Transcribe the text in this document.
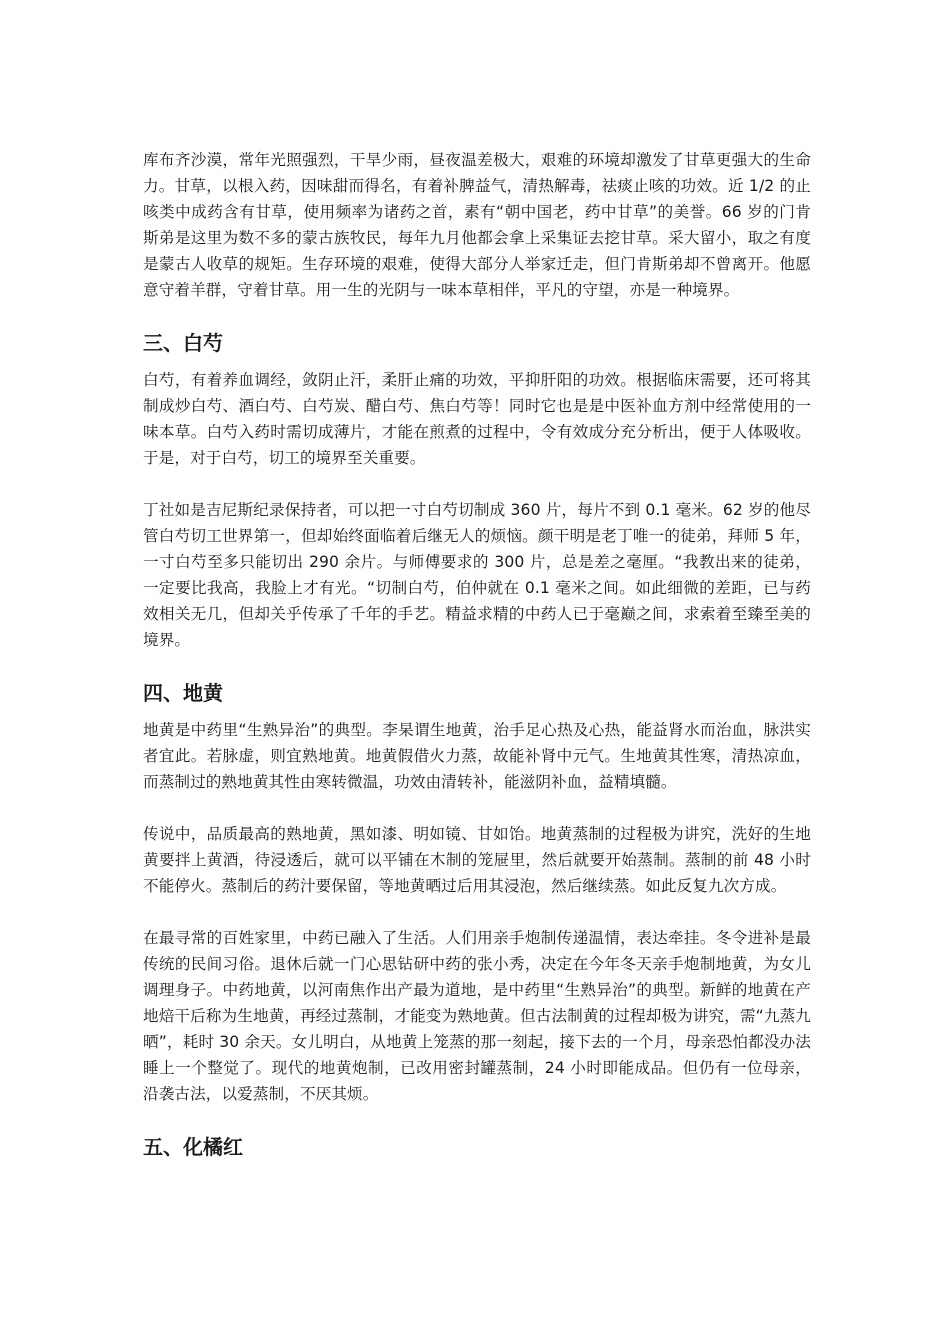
库布齐沙漠，常年光照强烈，干旱少雨，昼夜温差极大，艰难的环境却激发了甘草更强大的生命力。甘草，以根入药，因味甜而得名，有着补脾益气，清热解毒，祛痰止咳的功效。近 1/2 的止咳类中成药含有甘草，使用频率为诸药之首，素有“朝中国老，药中甘草”的美誉。66 岁的门肯斯弟是这里为数不多的蒙古族牧民，每年九月他都会拿上采集证去挖甘草。采大留小，取之有度是蒙古人收草的规矩。生存环境的艰难，使得大部分人举家迁走，但门肯斯弟却不曾离开。他愿意守着羊群，守着甘草。用一生的光阴与一味本草相伴，平凡的守望，亦是一种境界。

三、白芍

白芍，有着养血调经，敛阴止汗，柔肝止痛的功效，平抑肝阳的功效。根据临床需要，还可将其制成炒白芍、酒白芍、白芍炭、醋白芍、焦白芍等！同时它也是是中医补血方剂中经常使用的一味本草。白芍入药时需切成薄片，才能在煎煮的过程中，令有效成分充分析出，便于人体吸收。于是，对于白芍，切工的境界至关重要。

丁社如是吉尼斯纪录保持者，可以把一寸白芍切制成 360 片，每片不到 0.1 毫米。62 岁的他尽管白芍切工世界第一，但却始终面临着后继无人的烦恼。颜干明是老丁唯一的徒弟，拜师 5 年，一寸白芍至多只能切出 290 余片。与师傅要求的 300 片，总是差之毫厘。“我教出来的徒弟，一定要比我高，我脸上才有光。“切制白芍，伯仲就在 0.1 毫米之间。如此细微的差距，已与药效相关无几，但却关乎传承了千年的手艺。精益求精的中药人已于毫巅之间，求索着至臻至美的境界。

四、地黄

地黄是中药里“生熟异治”的典型。李杲谓生地黄，治手足心热及心热，能益肾水而治血，脉洪实者宜此。若脉虚，则宜熟地黄。地黄假借火力蒸，故能补肾中元气。生地黄其性寒，清热凉血，而蒸制过的熟地黄其性由寒转微温，功效由清转补，能滋阴补血，益精填髓。

传说中，品质最高的熟地黄，黑如漆、明如镜、甘如饴。地黄蒸制的过程极为讲究，洗好的生地黄要拌上黄酒，待浸透后，就可以平铺在木制的笼屉里，然后就要开始蒸制。蒸制的前 48 小时不能停火。蒸制后的药汁要保留，等地黄晒过后用其浸泡，然后继续蒸。如此反复九次方成。

在最寻常的百姓家里，中药已融入了生活。人们用亲手炮制传递温情，表达牵挂。冬令进补是最传统的民间习俗。退休后就一门心思钻研中药的张小秀，决定在今年冬天亲手炮制地黄，为女儿调理身子。中药地黄，以河南焦作出产最为道地，是中药里“生熟异治”的典型。新鲜的地黄在产地焙干后称为生地黄，再经过蒸制，才能变为熟地黄。但古法制黄的过程却极为讲究，需“九蒸九晒”，耗时 30 余天。女儿明白，从地黄上笼蒸的那一刻起，接下去的一个月，母亲恐怕都没办法睡上一个整觉了。现代的地黄炮制，已改用密封罐蒸制，24 小时即能成品。但仍有一位母亲，沿袭古法，以爱蒸制，不厌其烦。

五、化橘红
